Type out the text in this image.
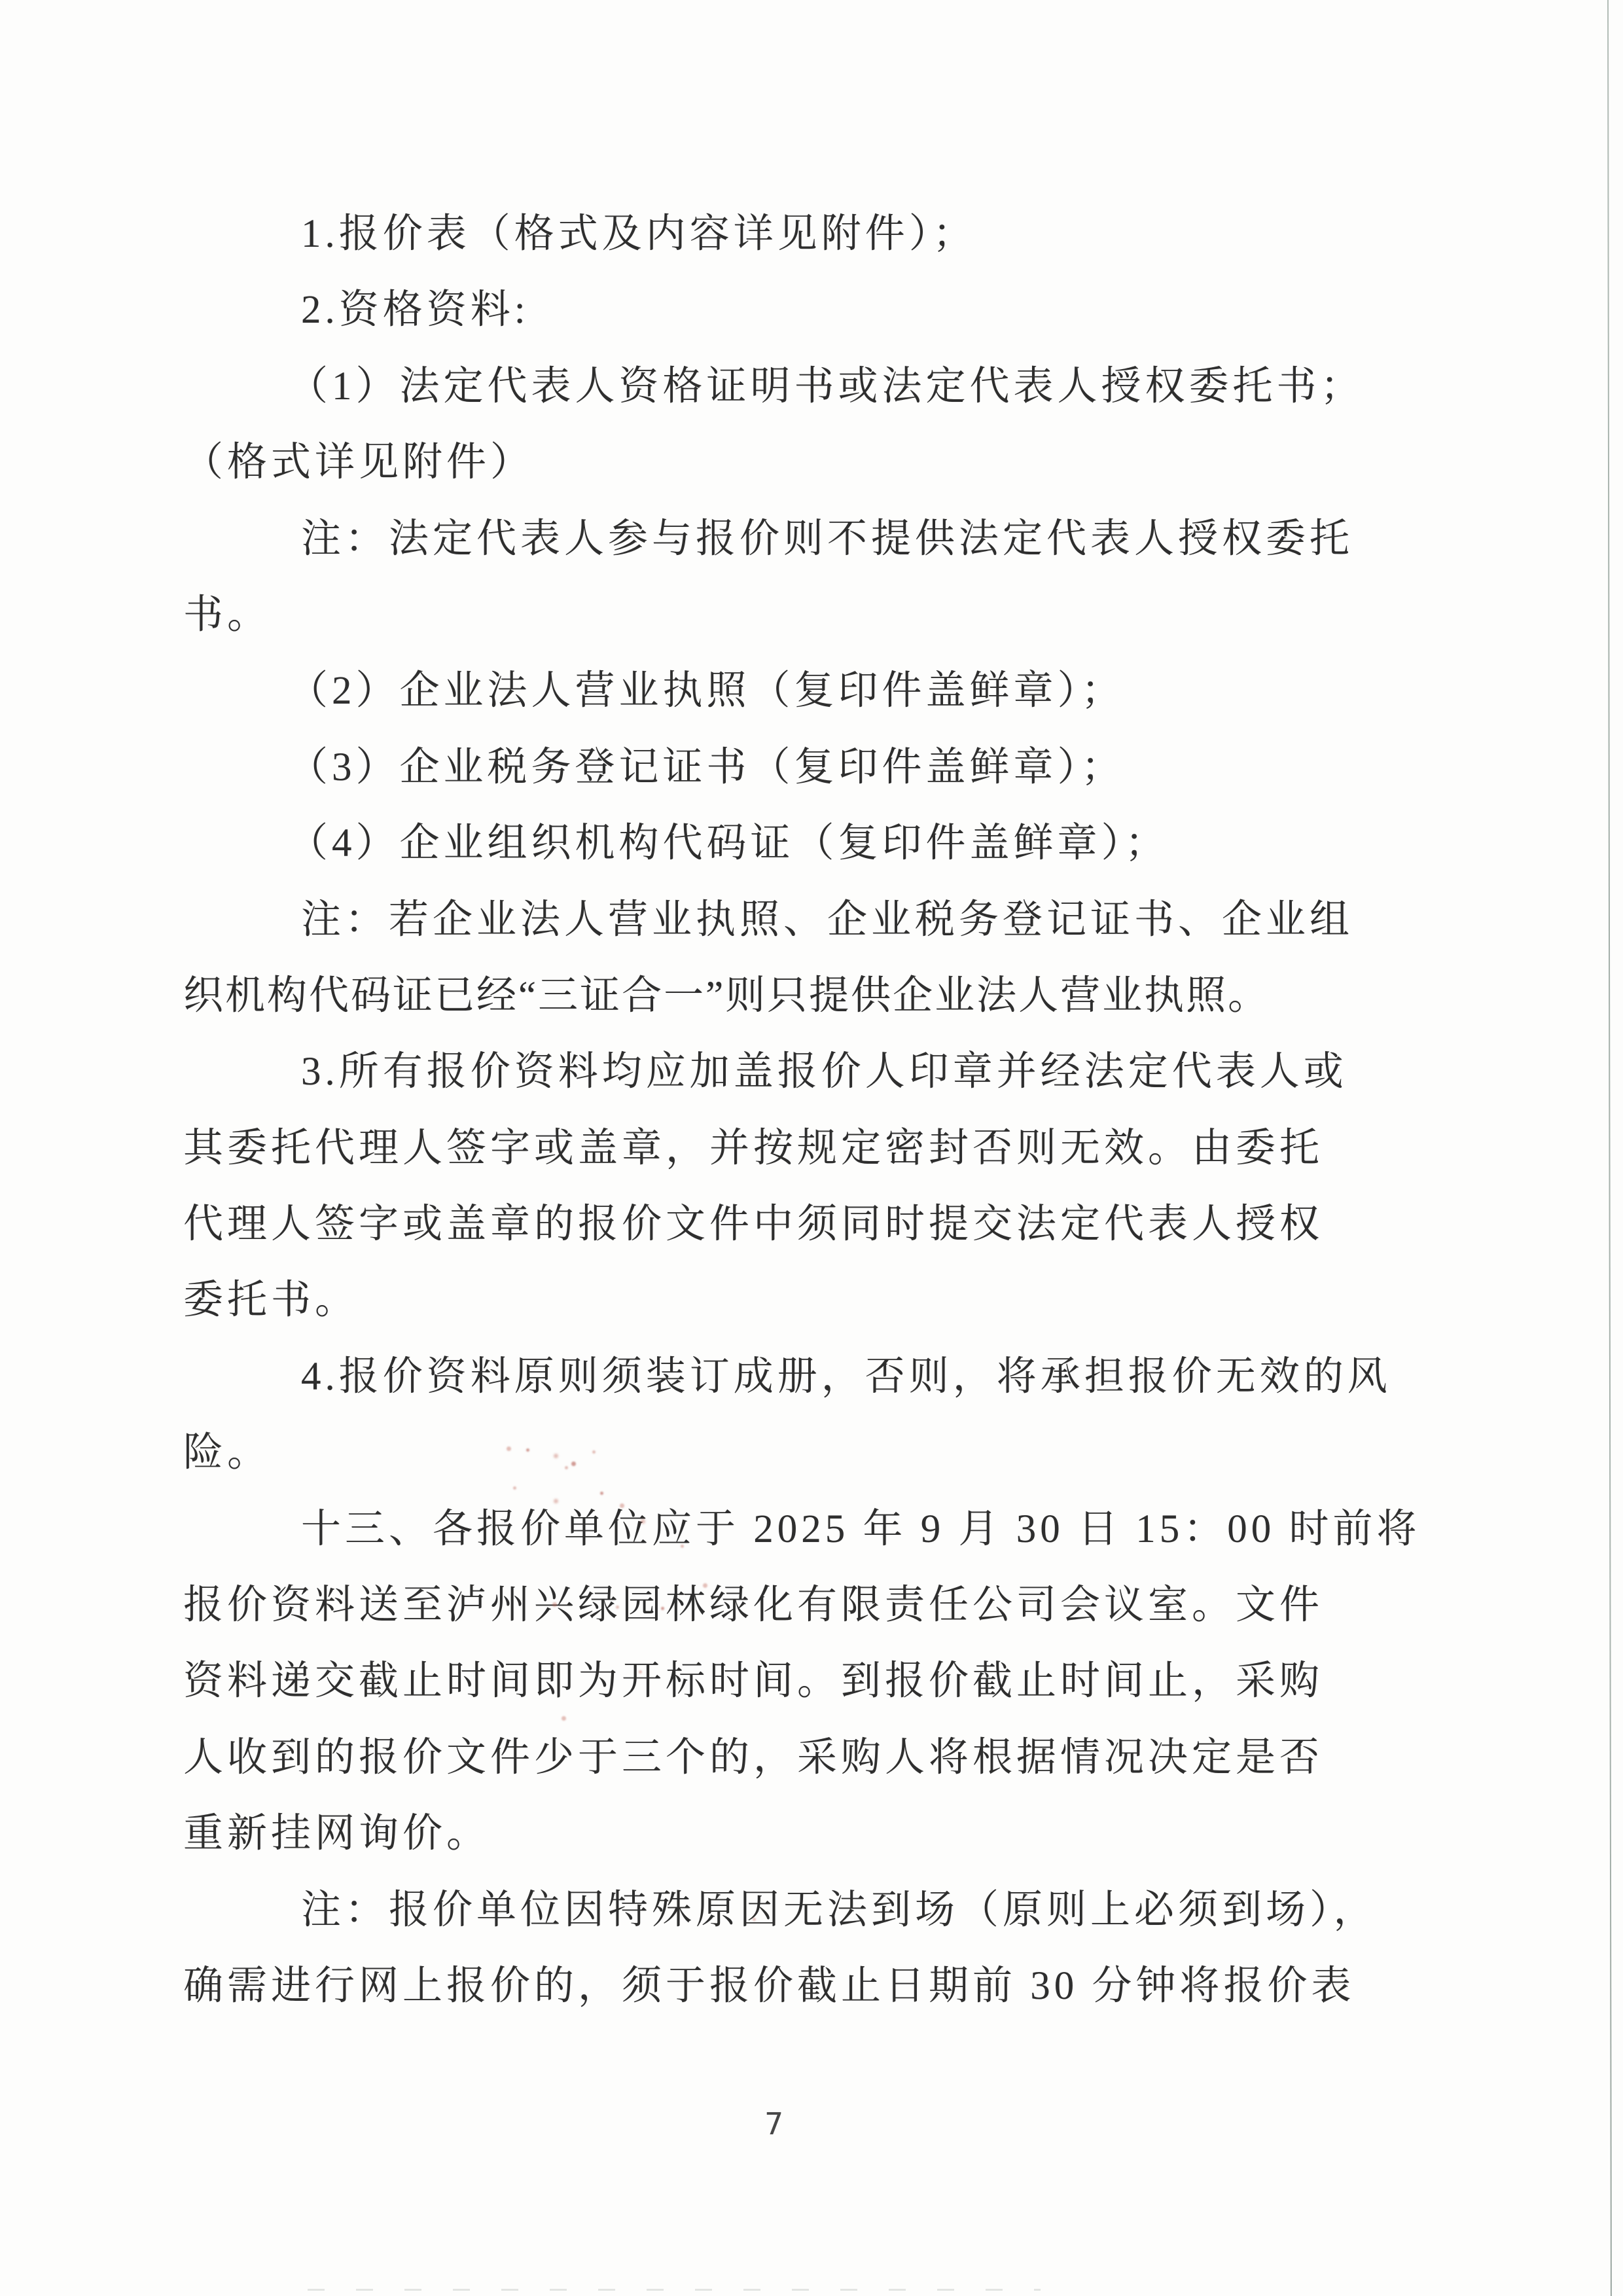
1.报价表（格式及内容详见附件）；
2.资格资料:
（1）法定代表人资格证明书或法定代表人授权委托书；
（格式详见附件）
注：法定代表人参与报价则不提供法定代表人授权委托
书。
（2）企业法人营业执照（复印件盖鲜章）；
（3）企业税务登记证书（复印件盖鲜章）；
（4）企业组织机构代码证（复印件盖鲜章）；
注：若企业法人营业执照、企业税务登记证书、企业组
织机构代码证已经“三证合一”则只提供企业法人营业执照。
3.所有报价资料均应加盖报价人印章并经法定代表人或
其委托代理人签字或盖章，并按规定密封否则无效。由委托
代理人签字或盖章的报价文件中须同时提交法定代表人授权
委托书。
4.报价资料原则须装订成册，否则，将承担报价无效的风
险。
十三、各报价单位应于 2025 年 9 月 30 日 15：00 时前将
报价资料送至泸州兴绿园林绿化有限责任公司会议室。文件
资料递交截止时间即为开标时间。到报价截止时间止，采购
人收到的报价文件少于三个的，采购人将根据情况决定是否
重新挂网询价。
注：报价单位因特殊原因无法到场（原则上必须到场），
确需进行网上报价的，须于报价截止日期前 30 分钟将报价表
7
